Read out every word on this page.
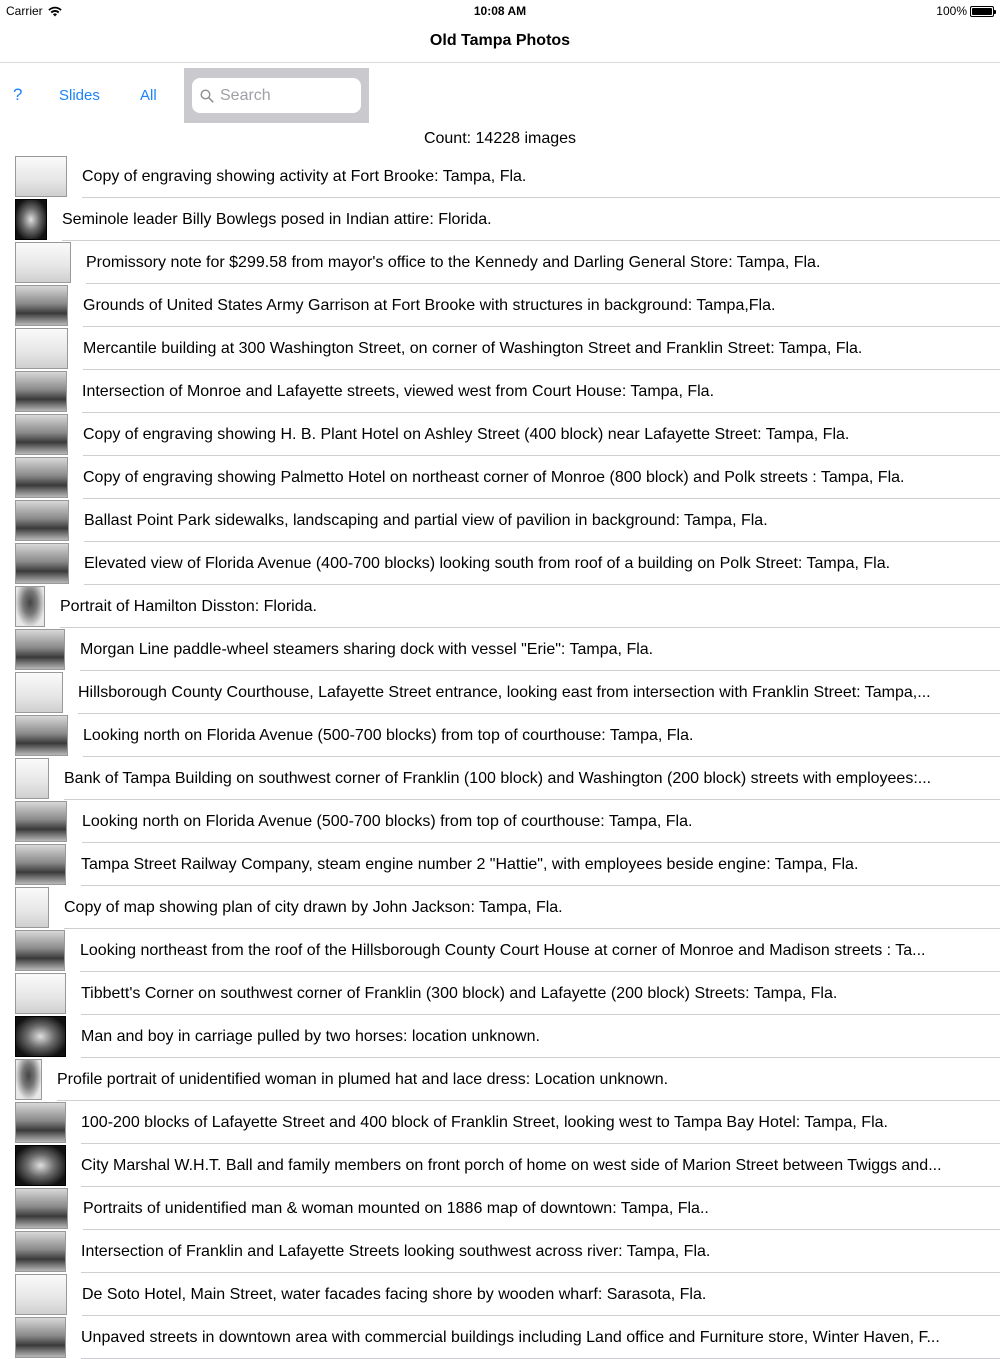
Carrier	10:08 AM	100%
Old Tampa Photos
? Slides	All
Search
Count: 14228 images
Copy of engraving showing activity at Fort Brooke: Tampa, Fla.
Seminole leader Billy Bowlegs posed in Indian attire: Florida.
Promissory note for $299.58 from mayor's office to the Kennedy and Darling General Store: Tampa, Fla.
Grounds of United States Army Garrison at Fort Brooke with structures in background: Tampa,Fla.
Mercantile building at 300 Washington Street, on corner of Washington Street and Franklin Street: Tampa, Fla.
Intersection of Monroe and Lafayette streets, viewed west from Court House: Tampa, Fla.
Copy of engraving showing H. B. Plant Hotel on Ashley Street (400 block) near Lafayette Street: Tampa, Fla.
Copy of engraving showing Palmetto Hotel on northeast corner of Monroe (800 block) and Polk streets : Tampa, Fla.
Ballast Point Park sidewalks, landscaping and partial view of pavilion in background: Tampa, Fla.
Elevated view of Florida Avenue (400-700 blocks) looking south from roof of a building on Polk Street: Tampa, Fla.
Portrait of Hamilton Disston: Florida.
Morgan Line paddle-wheel steamers sharing dock with vessel "Erie": Tampa, Fla.
Hillsborough County Courthouse, Lafayette Street entrance, looking east from intersection with Franklin Street: Tampa,...
Looking north on Florida Avenue (500-700 blocks) from top of courthouse: Tampa, Fla.
Bank of Tampa Building on southwest corner of Franklin (100 block) and Washington (200 block) streets with employees:...
Looking north on Florida Avenue (500-700 blocks) from top of courthouse: Tampa, Fla.
Tampa Street Railway Company, steam engine number 2 "Hattie", with employees beside engine: Tampa, Fla.
Copy of map showing plan of city drawn by John Jackson: Tampa, Fla.
Looking northeast from the roof of the Hillsborough County Court House at corner of Monroe and Madison streets : Ta...
Tibbett's Corner on southwest corner of Franklin (300 block) and Lafayette (200 block) Streets: Tampa, Fla.
Man and boy in carriage pulled by two horses: location unknown.
Profile portrait of unidentified woman in plumed hat and lace dress: Location unknown.
100-200 blocks of Lafayette Street and 400 block of Franklin Street, looking west to Tampa Bay Hotel: Tampa, Fla.
City Marshal W.H.T. Ball and family members on front porch of home on west side of Marion Street between Twiggs and...
Portraits of unidentified man & woman mounted on 1886 map of downtown: Tampa, Fla..
Intersection of Franklin and Lafayette Streets looking southwest across river: Tampa, Fla.
De Soto Hotel, Main Street, water facades facing shore by wooden wharf: Sarasota, Fla.
Unpaved streets in downtown area with commercial buildings including Land office and Furniture store, Winter Haven, F...
